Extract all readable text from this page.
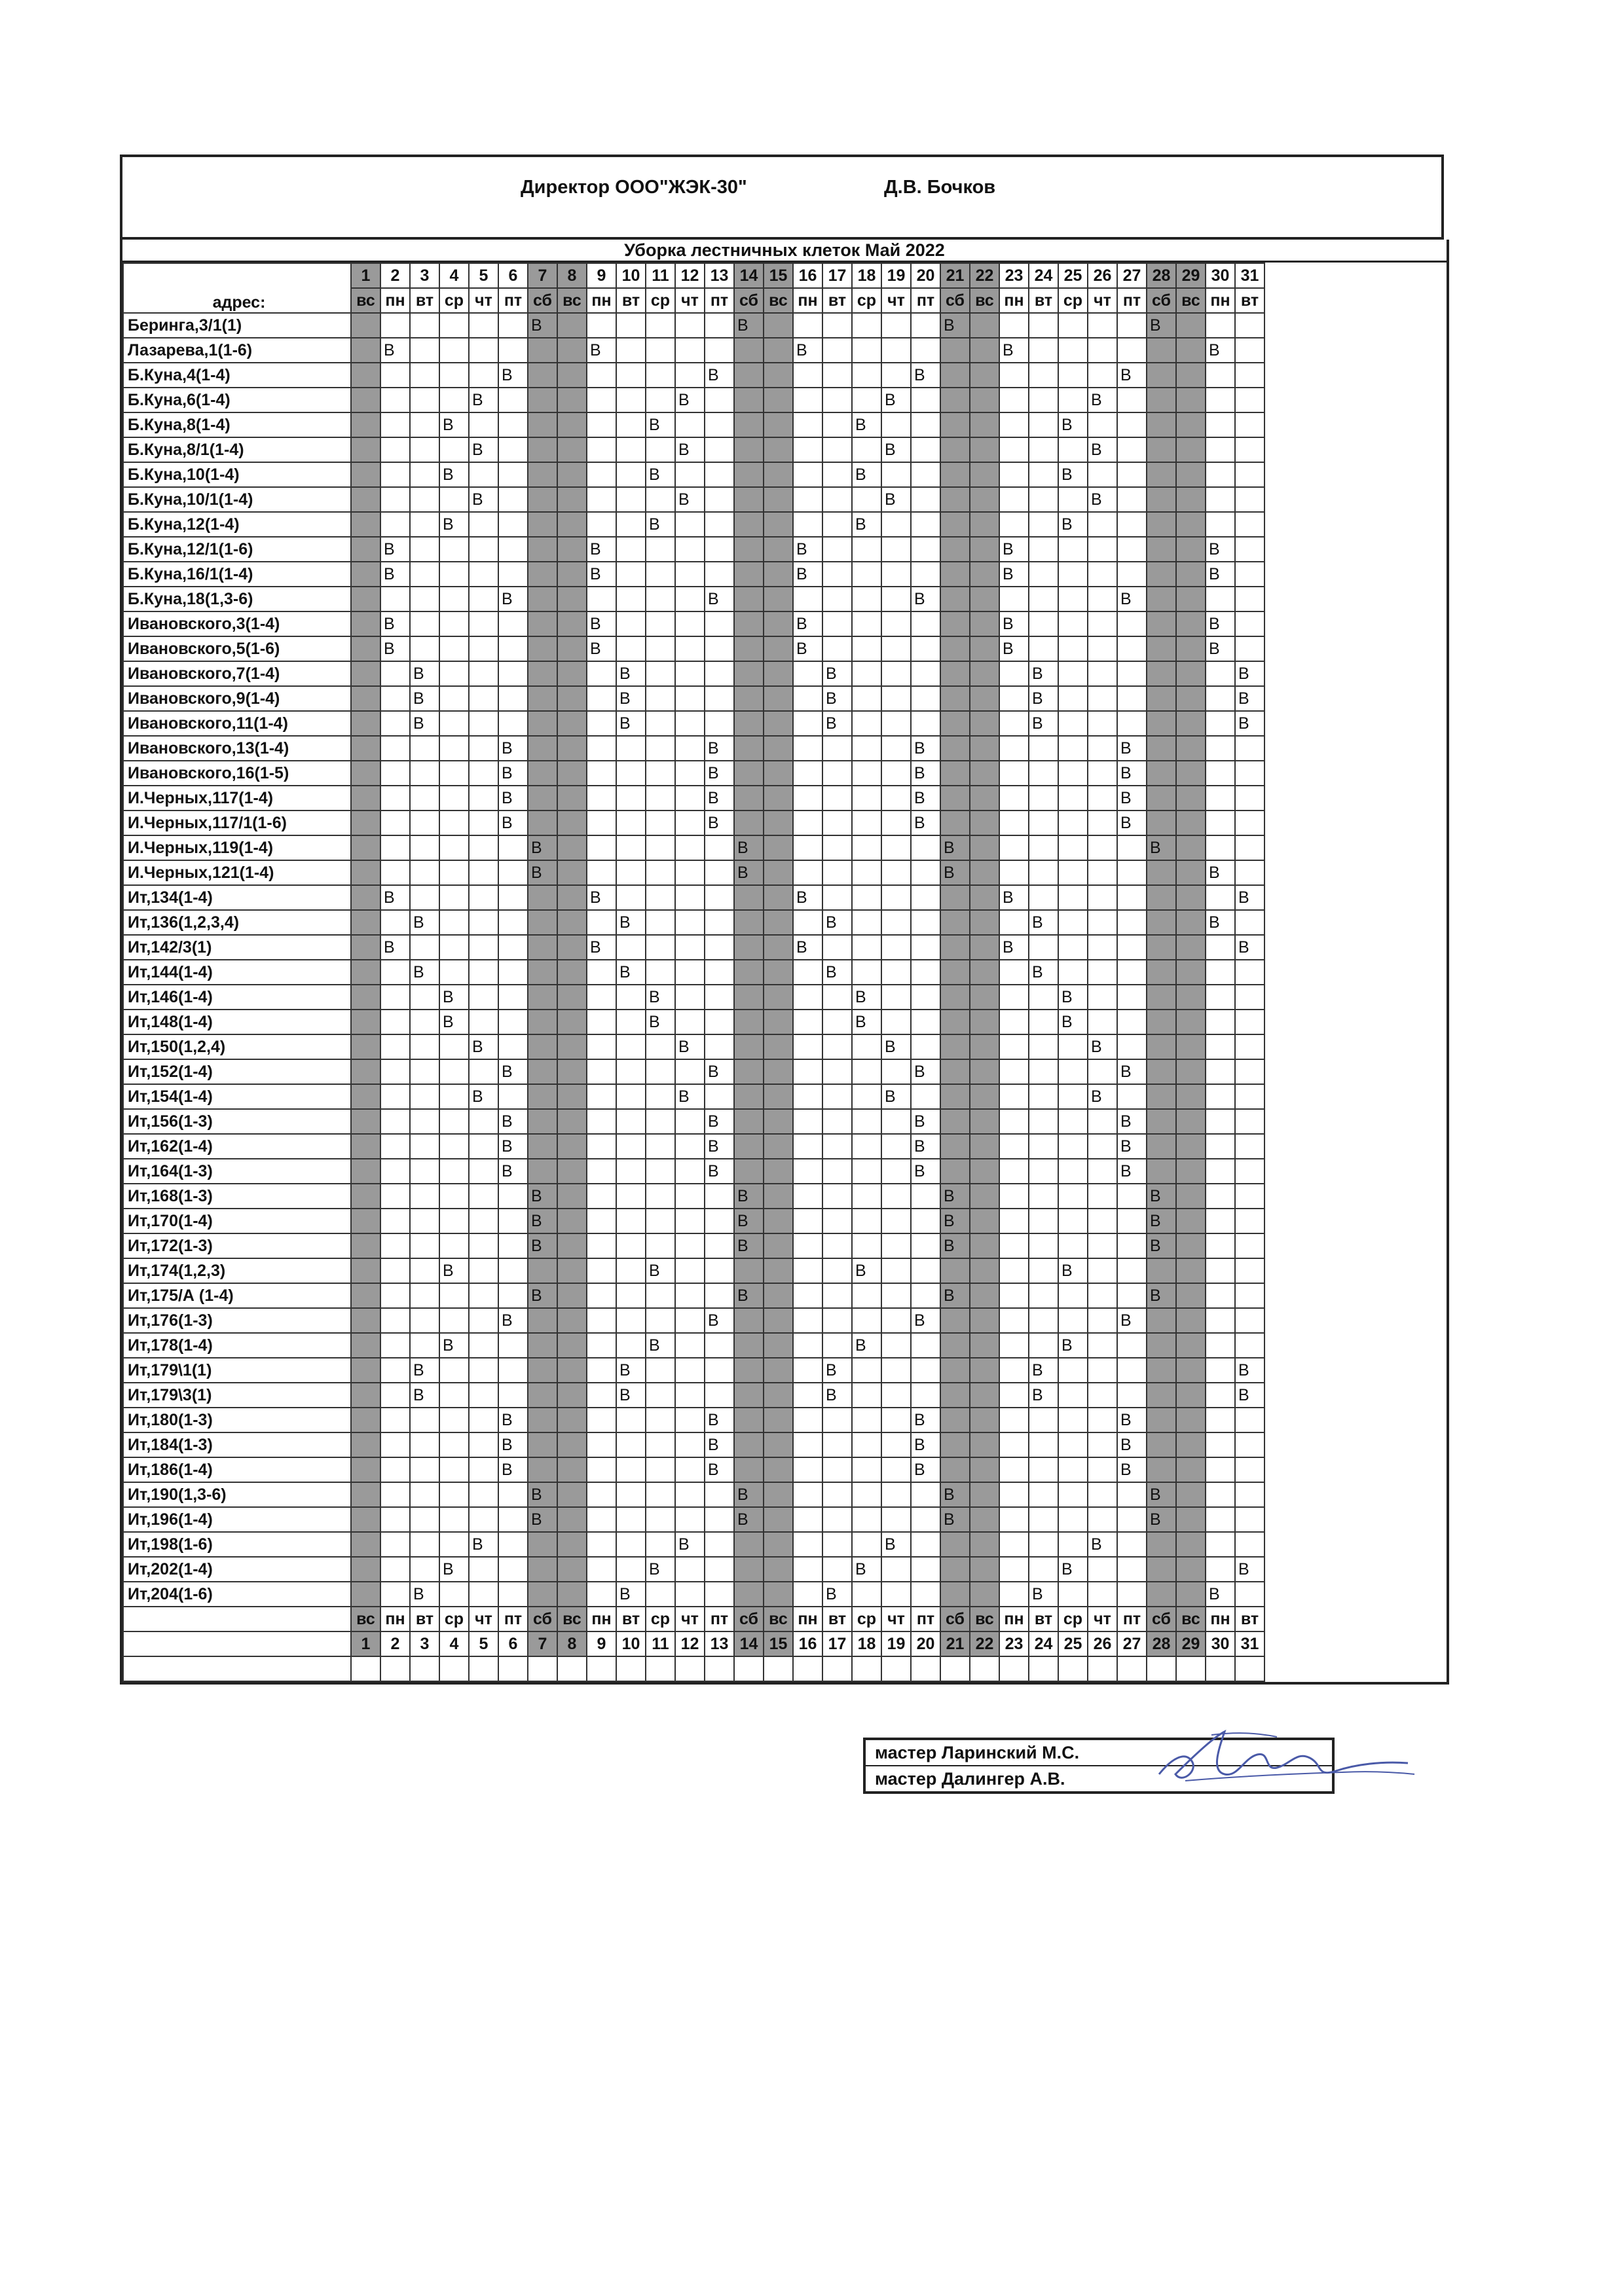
Директор ООО"ЖЭК-30"	Д.В. Бочков
Уборка лестничных клеток Май 2022
адрес:	1	2	3	4	5	6	7	8	9	10	11	12	13	14	15	16	17	18	19	20	21	22	23	24	25	26	27	28	29	30	31
	вс	пн	вт	ср	чт	пт	сб	вс	пн	вт	ср	чт	пт	сб	вс	пн	вт	ср	чт	пт	сб	вс	пн	вт	ср	чт	пт	сб	вс	пн	вт
Беринга,3/1(1)							В							В							В							В			
Лазарева,1(1-6)		В							В							В							В							В	
Б.Куна,4(1-4)						В							В							В							В				
Б.Куна,6(1-4)					В							В							В							В					
Б.Куна,8(1-4)				В							В							В							В						
Б.Куна,8/1(1-4)					В							В							В							В					
Б.Куна,10(1-4)				В							В							В							В						
Б.Куна,10/1(1-4)					В							В							В							В					
Б.Куна,12(1-4)				В							В							В							В						
Б.Куна,12/1(1-6)		В							В							В							В							В	
Б.Куна,16/1(1-4)		В							В							В							В							В	
Б.Куна,18(1,3-6)						В							В							В							В				
Ивановского,3(1-4)		В							В							В							В							В	
Ивановского,5(1-6)		В							В							В							В							В	
Ивановского,7(1-4)			В							В							В							В							В
Ивановского,9(1-4)			В							В							В							В							В
Ивановского,11(1-4)			В							В							В							В							В
Ивановского,13(1-4)						В							В							В							В				
Ивановского,16(1-5)						В							В							В							В				
И.Черных,117(1-4)						В							В							В							В				
И.Черных,117/1(1-6)						В							В							В							В				
И.Черных,119(1-4)							В							В							В							В			
И.Черных,121(1-4)							В							В							В									В	
Ит,134(1-4)		В							В							В							В								В
Ит,136(1,2,3,4)			В							В							В							В						В	
Ит,142/3(1)		В							В							В							В								В
Ит,144(1-4)			В							В							В							В							
Ит,146(1-4)				В							В							В							В						
Ит,148(1-4)				В							В							В							В						
Ит,150(1,2,4)					В							В							В							В					
Ит,152(1-4)						В							В							В							В				
Ит,154(1-4)					В							В							В							В					
Ит,156(1-3)						В							В							В							В				
Ит,162(1-4)						В							В							В							В				
Ит,164(1-3)						В							В							В							В				
Ит,168(1-3)							В							В							В							В			
Ит,170(1-4)							В							В							В							В			
Ит,172(1-3)							В							В							В							В			
Ит,174(1,2,3)				В							В							В							В						
Ит,175/А (1-4)							В							В							В							В			
Ит,176(1-3)						В							В							В							В				
Ит,178(1-4)				В							В							В							В						
Ит,179\1(1)			В							В							В							В							В
Ит,179\3(1)			В							В							В							В							В
Ит,180(1-3)						В							В							В							В				
Ит,184(1-3)						В							В							В							В				
Ит,186(1-4)						В							В							В							В				
Ит,190(1,3-6)							В							В							В							В			
Ит,196(1-4)							В							В							В							В			
Ит,198(1-6)					В							В							В							В					
Ит,202(1-4)				В							В							В							В						В
Ит,204(1-6)			В							В							В							В						В	
	вс	пн	вт	ср	чт	пт	сб	вс	пн	вт	ср	чт	пт	сб	вс	пн	вт	ср	чт	пт	сб	вс	пн	вт	ср	чт	пт	сб	вс	пн	вт
	1	2	3	4	5	6	7	8	9	10	11	12	13	14	15	16	17	18	19	20	21	22	23	24	25	26	27	28	29	30	31

мастер Ларинский М.С.
мастер Далингер А.В.
